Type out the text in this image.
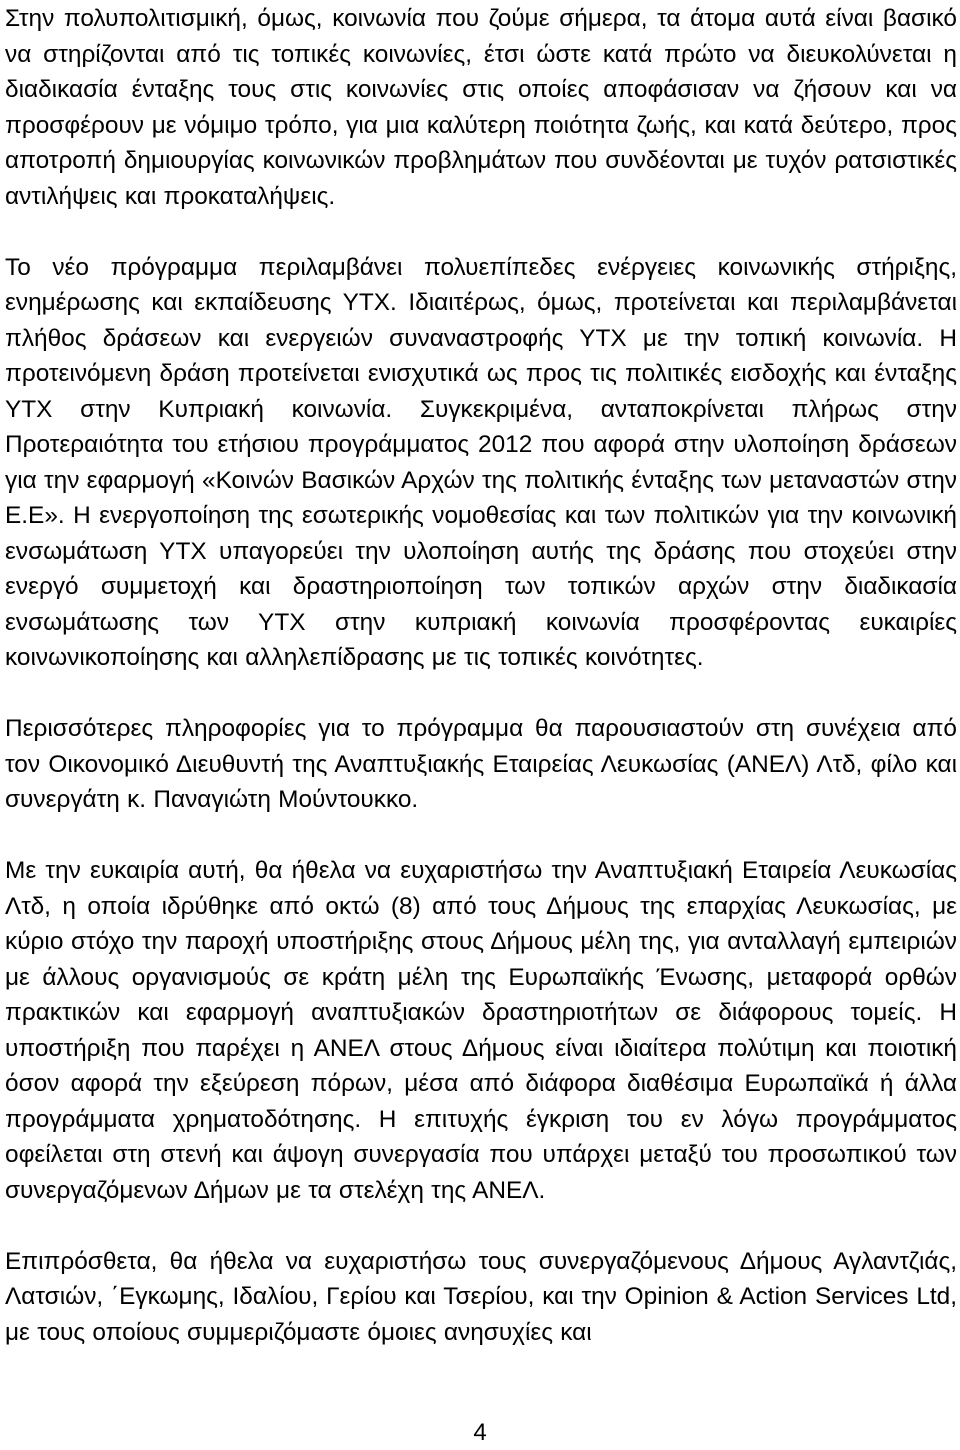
Στην πολυπολιτισμική, όμως, κοινωνία που ζούμε σήμερα, τα άτομα αυτά είναι βασικό να στηρίζονται από τις τοπικές κοινωνίες, έτσι ώστε κατά πρώτο να διευκολύνεται η διαδικασία ένταξης τους στις κοινωνίες στις οποίες αποφάσισαν να ζήσουν και να προσφέρουν με νόμιμο τρόπο, για μια καλύτερη ποιότητα ζωής, και κατά δεύτερο, προς αποτροπή δημιουργίας κοινωνικών προβλημάτων που συνδέονται με τυχόν ρατσιστικές αντιλήψεις και προκαταλήψεις.

Το νέο πρόγραμμα περιλαμβάνει πολυεπίπεδες ενέργειες κοινωνικής στήριξης, ενημέρωσης και εκπαίδευσης ΥΤΧ. Ιδιαιτέρως, όμως, προτείνεται και περιλαμβάνεται πλήθος δράσεων και ενεργειών συναναστροφής ΥΤΧ με την τοπική κοινωνία. Η προτεινόμενη δράση προτείνεται ενισχυτικά ως προς τις πολιτικές εισδοχής και ένταξης ΥΤΧ στην Κυπριακή κοινωνία. Συγκεκριμένα, ανταποκρίνεται πλήρως στην Προτεραιότητα του ετήσιου προγράμματος 2012 που αφορά στην υλοποίηση δράσεων για την εφαρμογή «Κοινών Βασικών Αρχών της πολιτικής ένταξης των μεταναστών στην Ε.Ε». Η ενεργοποίηση της εσωτερικής νομοθεσίας και των πολιτικών για την κοινωνική ενσωμάτωση ΥΤΧ υπαγορεύει την υλοποίηση αυτής της δράσης που στοχεύει στην ενεργό συμμετοχή και δραστηριοποίηση των τοπικών αρχών στην διαδικασία ενσωμάτωσης των ΥΤΧ στην κυπριακή κοινωνία προσφέροντας ευκαιρίες κοινωνικοποίησης και αλληλεπίδρασης με τις τοπικές κοινότητες.

Περισσότερες πληροφορίες για το πρόγραμμα θα παρουσιαστούν στη συνέχεια από τον Οικονομικό Διευθυντή της Αναπτυξιακής Εταιρείας Λευκωσίας (ΑΝΕΛ) Λτδ, φίλο και συνεργάτη κ. Παναγιώτη Μούντουκκο.

Με την ευκαιρία αυτή, θα ήθελα να ευχαριστήσω την Αναπτυξιακή Εταιρεία Λευκωσίας Λτδ, η οποία ιδρύθηκε από οκτώ (8) από τους Δήμους της επαρχίας Λευκωσίας, με κύριο στόχο την παροχή υποστήριξης στους Δήμους μέλη της, για ανταλλαγή εμπειριών με άλλους οργανισμούς σε κράτη μέλη της Ευρωπαϊκής Ένωσης, μεταφορά ορθών πρακτικών και εφαρμογή αναπτυξιακών δραστηριοτήτων σε διάφορους τομείς. Η υποστήριξη που παρέχει η ΑΝΕΛ στους Δήμους είναι ιδιαίτερα πολύτιμη και ποιοτική όσον αφορά την εξεύρεση πόρων, μέσα από διάφορα διαθέσιμα Ευρωπαϊκά ή άλλα προγράμματα χρηματοδότησης. Η επιτυχής έγκριση του εν λόγω προγράμματος οφείλεται στη στενή και άψογη συνεργασία που υπάρχει μεταξύ του προσωπικού των συνεργαζόμενων Δήμων με τα στελέχη της ΑΝΕΛ.

Επιπρόσθετα, θα ήθελα να ευχαριστήσω τους συνεργαζόμενους Δήμους Αγλαντζιάς, Λατσιών, ΄Εγκωμης, Ιδαλίου, Γερίου και Τσερίου, και την Opinion & Action Services Ltd, με τους οποίους συμμεριζόμαστε όμοιες ανησυχίες και

4
